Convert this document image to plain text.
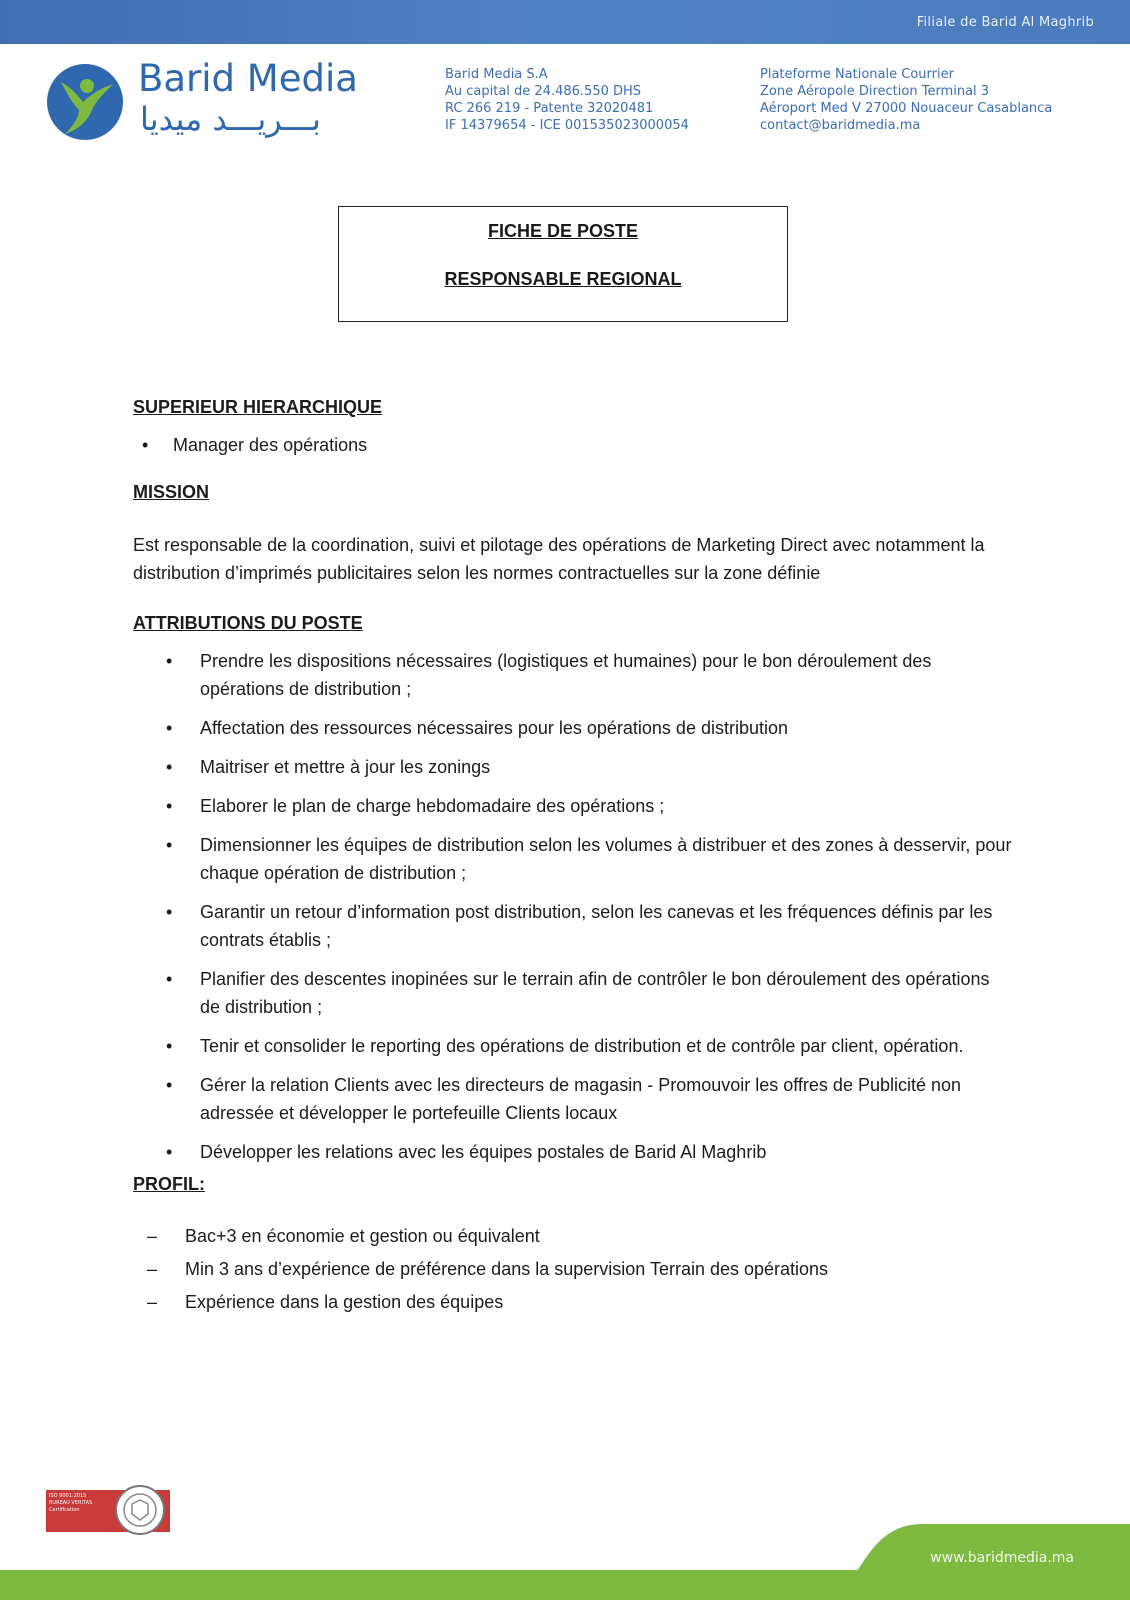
Filiale de Barid Al Maghrib
Barid Media
بـــريـــد ميديا
Barid Media S.A
Au capital de 24.486.550 DHS
RC 266 219 - Patente 32020481
IF 14379654 - ICE 001535023000054
Plateforme Nationale Courrier
Zone Aéropole Direction Terminal 3
Aéroport Med V 27000 Nouaceur Casablanca
contact@baridmedia.ma
FICHE DE POSTE
RESPONSABLE REGIONAL
SUPERIEUR HIERARCHIQUE
• Manager des opérations
MISSION
Est responsable de la coordination, suivi et pilotage des opérations de Marketing Direct avec notamment la distribution d’imprimés publicitaires selon les normes contractuelles sur la zone définie
ATTRIBUTIONS DU POSTE
• Prendre les dispositions nécessaires (logistiques et humaines) pour le bon déroulement des opérations de distribution ;
• Affectation des ressources nécessaires pour les opérations de distribution
• Maitriser et mettre à jour les zonings
• Elaborer le plan de charge hebdomadaire des opérations ;
• Dimensionner les équipes de distribution selon les volumes à distribuer et des zones à desservir, pour chaque opération de distribution ;
• Garantir un retour d’information post distribution, selon les canevas et les fréquences définis par les contrats établis ;
• Planifier des descentes inopinées sur le terrain afin de contrôler le bon déroulement des opérations de distribution ;
• Tenir et consolider le reporting des opérations de distribution et de contrôle par client, opération.
• Gérer la relation Clients avec les directeurs de magasin - Promouvoir les offres de Publicité non adressée et développer le portefeuille Clients locaux
• Développer les relations avec les équipes postales de Barid Al Maghrib
PROFIL:
– Bac+3 en économie et gestion ou équivalent
– Min 3 ans d’expérience de préférence dans la supervision Terrain des opérations
– Expérience dans la gestion des équipes
ISO 9001:2015
BUREAU VERITAS
Certification
www.baridmedia.ma
